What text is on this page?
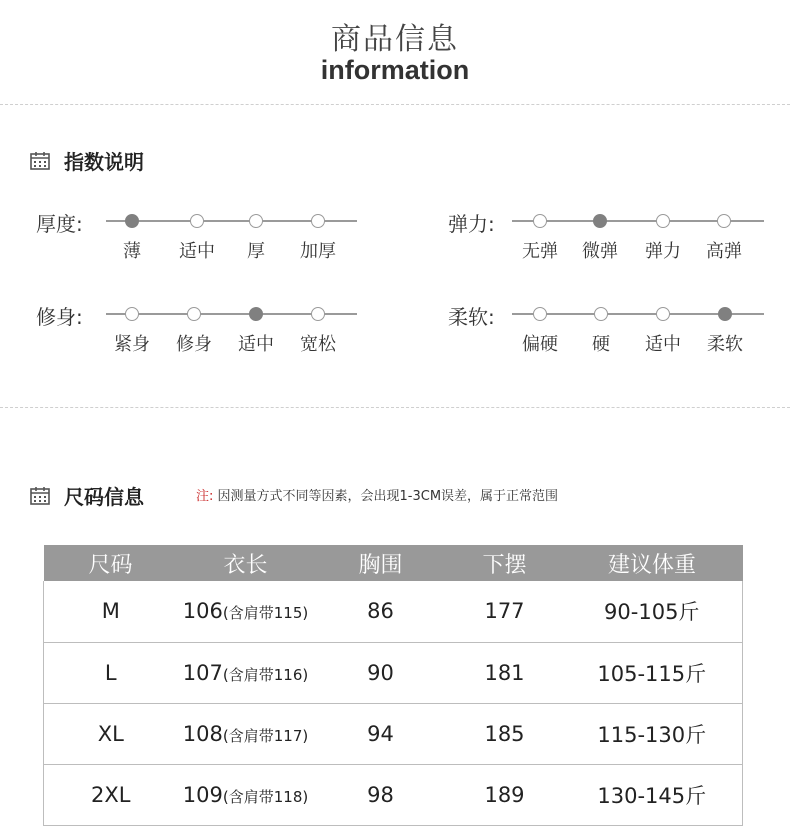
商品信息
information
指数说明
厚度:
薄 适中 厚 加厚
弹力:
无弹 微弹 弹力 高弹
修身:
紧身 修身 适中 宽松
柔软:
偏硬 硬 适中 柔软
尺码信息	注: 因测量方式不同等因素，会出现1-3CM误差，属于正常范围
尺码	衣长	胸围	下摆	建议体重
M	106(含肩带115)	86	177	90-105斤
L	107(含肩带116)	90	181	105-115斤
XL	108(含肩带117)	94	185	115-130斤
2XL	109(含肩带118)	98	189	130-145斤
